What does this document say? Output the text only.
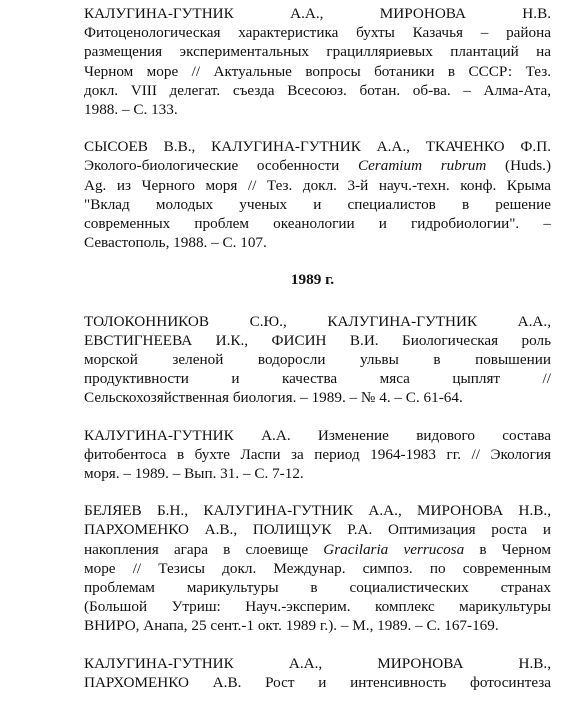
КАЛУГИНА-ГУТНИК А.А., МИРОНОВА Н.В.
Фитоценологическая характеристика бухты Казачья – района
размещения экспериментальных грацилляриевых плантаций на
Черном море // Актуальные вопросы ботаники в СССР: Тез.
докл. VIII делегат. съезда Всесоюз. ботан. об-ва. – Алма-Ата,
1988. – С. 133.
СЫСОЕВ В.В., КАЛУГИНА-ГУТНИК А.А., ТКАЧЕНКО Ф.П.
Эколого-биологические особенности Ceramium rubrum (Huds.)
Ag. из Черного моря // Тез. докл. 3-й науч.-техн. конф. Крыма
"Вклад молодых ученых и специалистов в решение
современных проблем океанологии и гидробиологии". –
Севастополь, 1988. – С. 107.
1989 г.
ТОЛОКОННИКОВ С.Ю., КАЛУГИНА-ГУТНИК А.А.,
ЕВСТИГНЕЕВА И.К., ФИСИН В.И. Биологическая роль
морской зеленой водоросли ульвы в повышении
продуктивности и качества мяса цыплят //
Сельскохозяйственная биология. – 1989. – № 4. – С. 61-64.
КАЛУГИНА-ГУТНИК А.А. Изменение видового состава
фитобентоса в бухте Ласпи за период 1964-1983 гг. // Экология
моря. – 1989. – Вып. 31. – С. 7-12.
БЕЛЯЕВ Б.Н., КАЛУГИНА-ГУТНИК А.А., МИРОНОВА Н.В.,
ПАРХОМЕНКО А.В., ПОЛИЩУК Р.А. Оптимизация роста и
накопления агара в слоевище Gracilaria verrucosa в Черном
море // Тезисы докл. Междунар. симпоз. по современным
проблемам марикультуры в социалистических странах
(Большой Утриш: Науч.-эксперим. комплекс марикультуры
ВНИРО, Анапа, 25 сент.-1 окт. 1989 г.). – М., 1989. – С. 167-169.
КАЛУГИНА-ГУТНИК А.А., МИРОНОВА Н.В.,
ПАРХОМЕНКО А.В. Рост и интенсивность фотосинтеза
